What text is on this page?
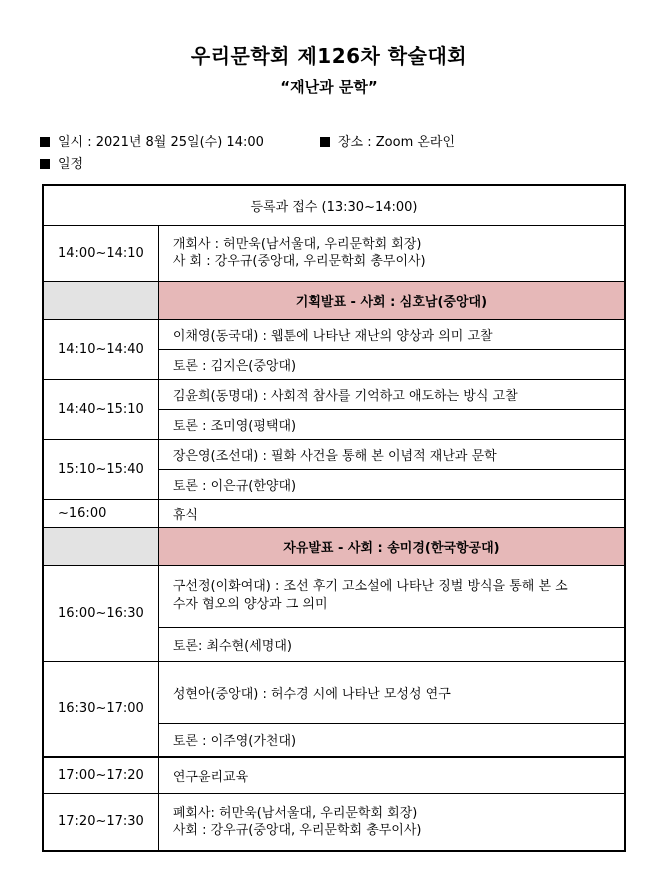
우리문학회 제126차 학술대회
“재난과 문학”
일시 : 2021년 8월 25일(수) 14:00	장소 : Zoom 온라인
일정
등록과 접수 (13:30~14:00)	
14:00~14:10	개회사 : 허만욱(남서울대, 우리문학회 회장)
사 회 : 강우규(중앙대, 우리문학회 총무이사)

	기획발표 - 사회 : 심호남(중앙대)
14:10~14:40	이채영(동국대) : 웹툰에 나타난 재난의 양상과 의미 고찰
	토론 : 김지은(중앙대)
14:40~15:10	김윤희(동명대) : 사회적 참사를 기억하고 애도하는 방식 고찰
	토론 : 조미영(평택대)
15:10~15:40	장은영(조선대) : 필화 사건을 통해 본 이념적 재난과 문학
	토론 : 이은규(한양대)
~16:00	휴식
	자유발표 - 사회 : 송미경(한국항공대)
16:00~16:30	구선정(이화여대) : 조선 후기 고소설에 나타난 징벌 방식을 통해 본 소
수자 혐오의 양상과 그 의미

	토론: 최수현(세명대)
16:30~17:00	성현아(중앙대) : 허수경 시에 나타난 모성성 연구
	토론 : 이주영(가천대)
17:00~17:20	연구윤리교육
17:20~17:30	폐회사: 허만욱(남서울대, 우리문학회 회장)
사회 : 강우규(중앙대, 우리문학회 총무이사)
